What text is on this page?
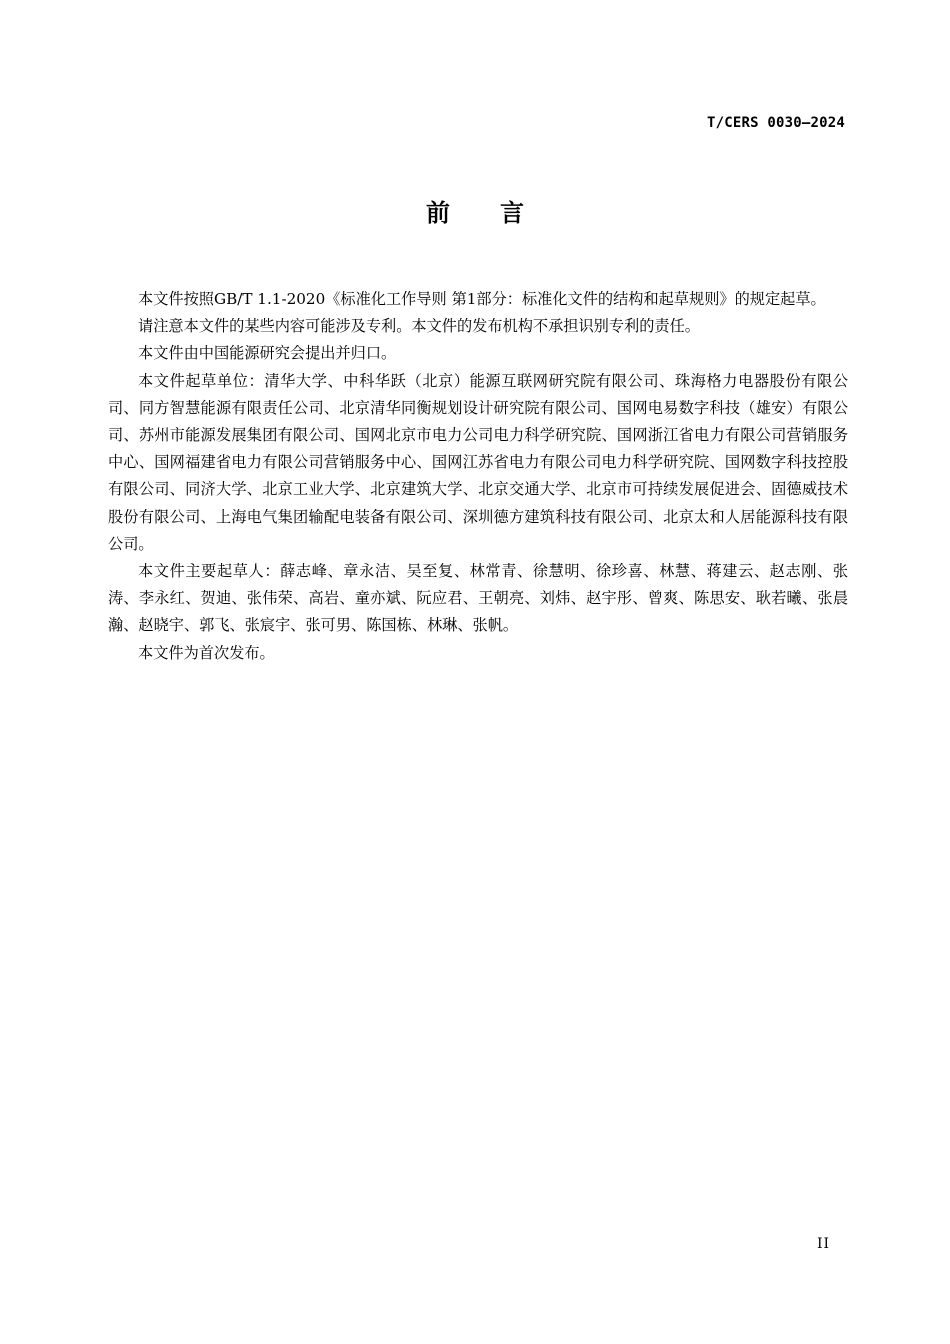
T/CERS 0030—2024
前言

本文件按照GB/T 1.1-2020《标准化工作导则 第1部分：标准化文件的结构和起草规则》的规定起草。

请注意本文件的某些内容可能涉及专利。本文件的发布机构不承担识别专利的责任。

本文件由中国能源研究会提出并归口。

本文件起草单位：清华大学、中科华跃（北京）能源互联网研究院有限公司、珠海格力电器股份有限公司、同方智慧能源有限责任公司、北京清华同衡规划设计研究院有限公司、国网电易数字科技（雄安）有限公司、苏州市能源发展集团有限公司、国网北京市电力公司电力科学研究院、国网浙江省电力有限公司营销服务中心、国网福建省电力有限公司营销服务中心、国网江苏省电力有限公司电力科学研究院、国网数字科技控股有限公司、同济大学、北京工业大学、北京建筑大学、北京交通大学、北京市可持续发展促进会、固德威技术股份有限公司、上海电气集团输配电装备有限公司、深圳德方建筑科技有限公司、北京太和人居能源科技有限公司。

本文件主要起草人：薛志峰、章永洁、吴至复、林常青、徐慧明、徐珍喜、林慧、蒋建云、赵志刚、张涛、李永红、贺迪、张伟荣、高岩、童亦斌、阮应君、王朝亮、刘炜、赵宇彤、曾爽、陈思安、耿若曦、张晨瀚、赵晓宇、郭飞、张宸宇、张可男、陈国栋、林琳、张帆。

本文件为首次发布。

II
